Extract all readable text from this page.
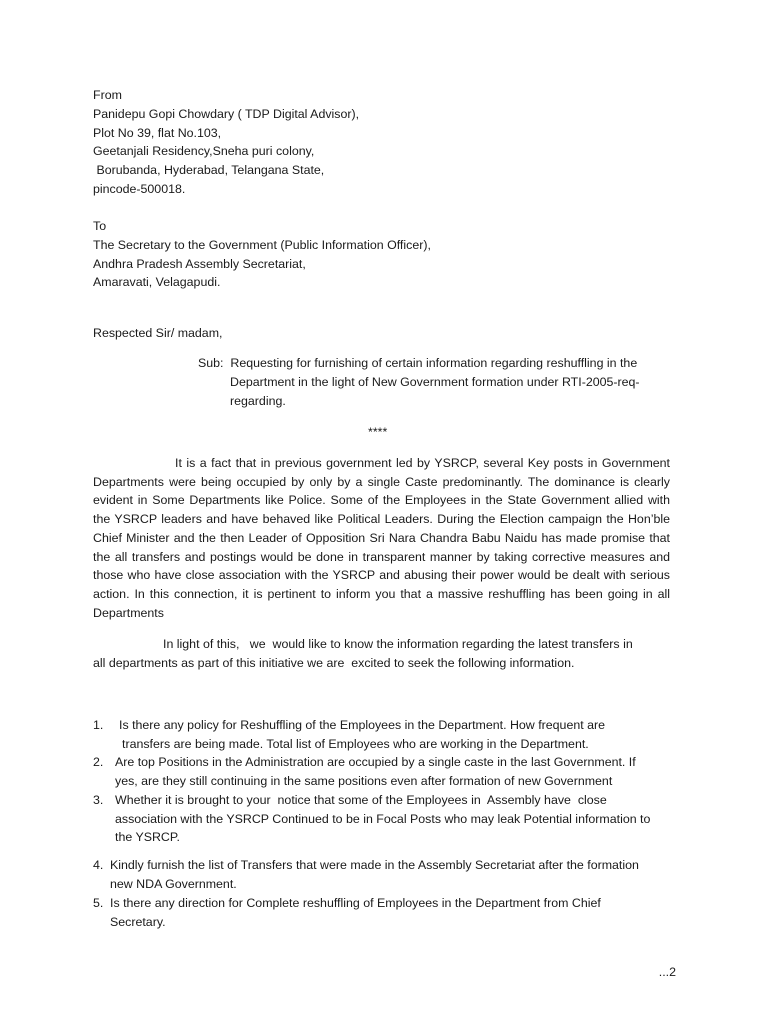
From
Panidepu Gopi Chowdary ( TDP Digital Advisor),
Plot No 39, flat No.103,
Geetanjali Residency,Sneha puri colony,
Borubanda, Hyderabad, Telangana State,
pincode-500018.
To
The Secretary to the Government (Public Information Officer),
Andhra Pradesh Assembly Secretariat,
Amaravati, Velagapudi.
Respected Sir/ madam,
Sub:  Requesting for furnishing of certain information regarding reshuffling in the
Department in the light of New Government formation under RTI-2005-req-
regarding.
****
It is a fact that in previous government led by YSRCP, several Key posts in Government Departments were being occupied by only by a single Caste predominantly. The dominance is clearly evident in Some Departments like Police. Some of the Employees in the State Government allied with the YSRCP leaders and have behaved like Political Leaders. During the Election campaign the Hon’ble Chief Minister and the then Leader of Opposition Sri Nara Chandra Babu Naidu has made promise that the all transfers and postings would be done in transparent manner by taking corrective measures and those who have close association with the YSRCP and abusing their power would be dealt with serious action. In this connection, it is pertinent to inform you that a massive reshuffling has been going in all Departments
In light of this,   we  would like to know the information regarding the latest transfers in
all departments as part of this initiative we are  excited to seek the following information.
1. Is there any policy for Reshuffling of the Employees in the Department. How frequent are
transfers are being made. Total list of Employees who are working in the Department.
2. Are top Positions in the Administration are occupied by a single caste in the last Government. If
yes, are they still continuing in the same positions even after formation of new Government
3. Whether it is brought to your  notice that some of the Employees in  Assembly have  close
association with the YSRCP Continued to be in Focal Posts who may leak Potential information to
the YSRCP.
4. Kindly furnish the list of Transfers that were made in the Assembly Secretariat after the formation
new NDA Government.
5. Is there any direction for Complete reshuffling of Employees in the Department from Chief
Secretary.
...2
